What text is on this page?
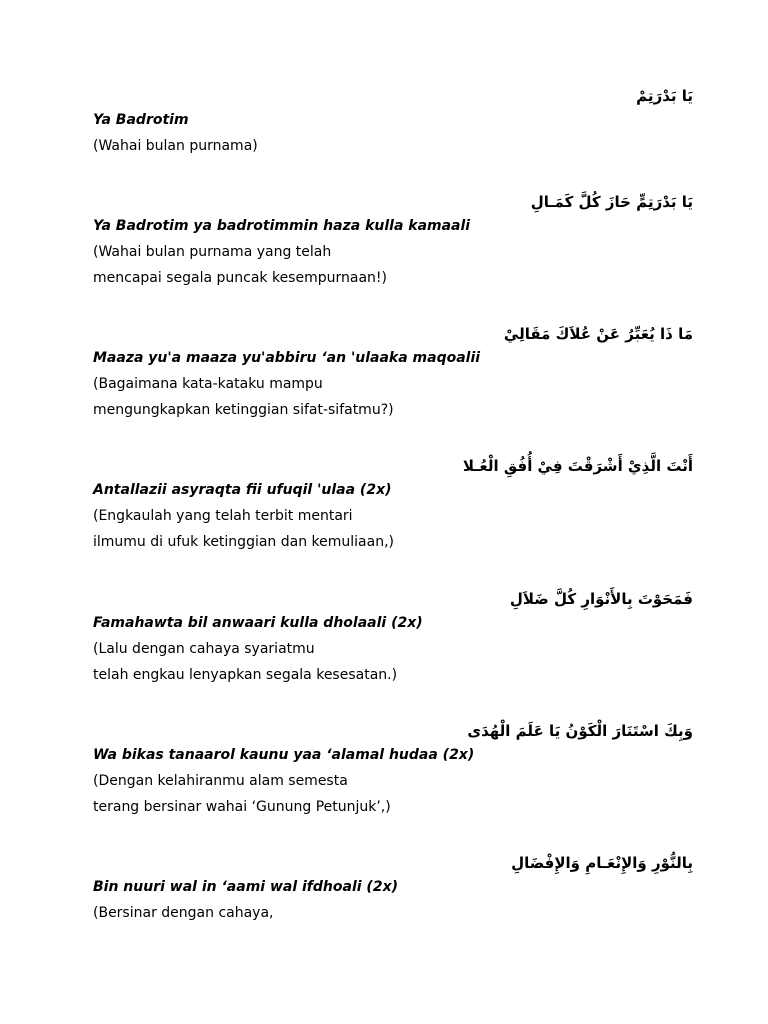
يَا بَدْرَتِمْ
Ya Badrotim
(Wahai bulan purnama)
يَا بَدْرَتِمٍّ حَازَ كُلَّ كَمَـالِ
Ya Badrotim ya badrotimmin haza kulla kamaali
(Wahai bulan purnama yang telah
mencapai segala puncak kesempurnaan!)
مَا ذَا يُعَبِّرُ عَنْ عُلاَكَ مَقَالِيْ
Maaza yu'a maaza yu'abbiru ‘an 'ulaaka maqoalii
(Bagaimana kata-kataku mampu
mengungkapkan ketinggian sifat-sifatmu?)
أَنْتَ الَّذِيْ أَشْرَقْتَ فِيْ أُفُقِ الْعُـلا
Antallazii asyraqta fii ufuqil 'ulaa (2x)
(Engkaulah yang telah terbit mentari
ilmumu di ufuk ketinggian dan kemuliaan,)
فَمَحَوْتَ بِالأَنْوَارِ كُلَّ ضَلاَلِ
Famahawta bil anwaari kulla dholaali (2x)
(Lalu dengan cahaya syariatmu
telah engkau lenyapkan segala kesesatan.)
وَبِكَ اسْتَنَارَ الْكَوْنُ يَا عَلَمَ الْهُدَى
Wa bikas tanaarol kaunu yaa ‘alamal hudaa (2x)
(Dengan kelahiranmu alam semesta
terang bersinar wahai ‘Gunung Petunjuk’,)
بِالنُّوْرِ وَالإِنْعَـامِ وَالإِفْضَالِ
Bin nuuri wal in ‘aami wal ifdhoali (2x)
(Bersinar dengan cahaya,
